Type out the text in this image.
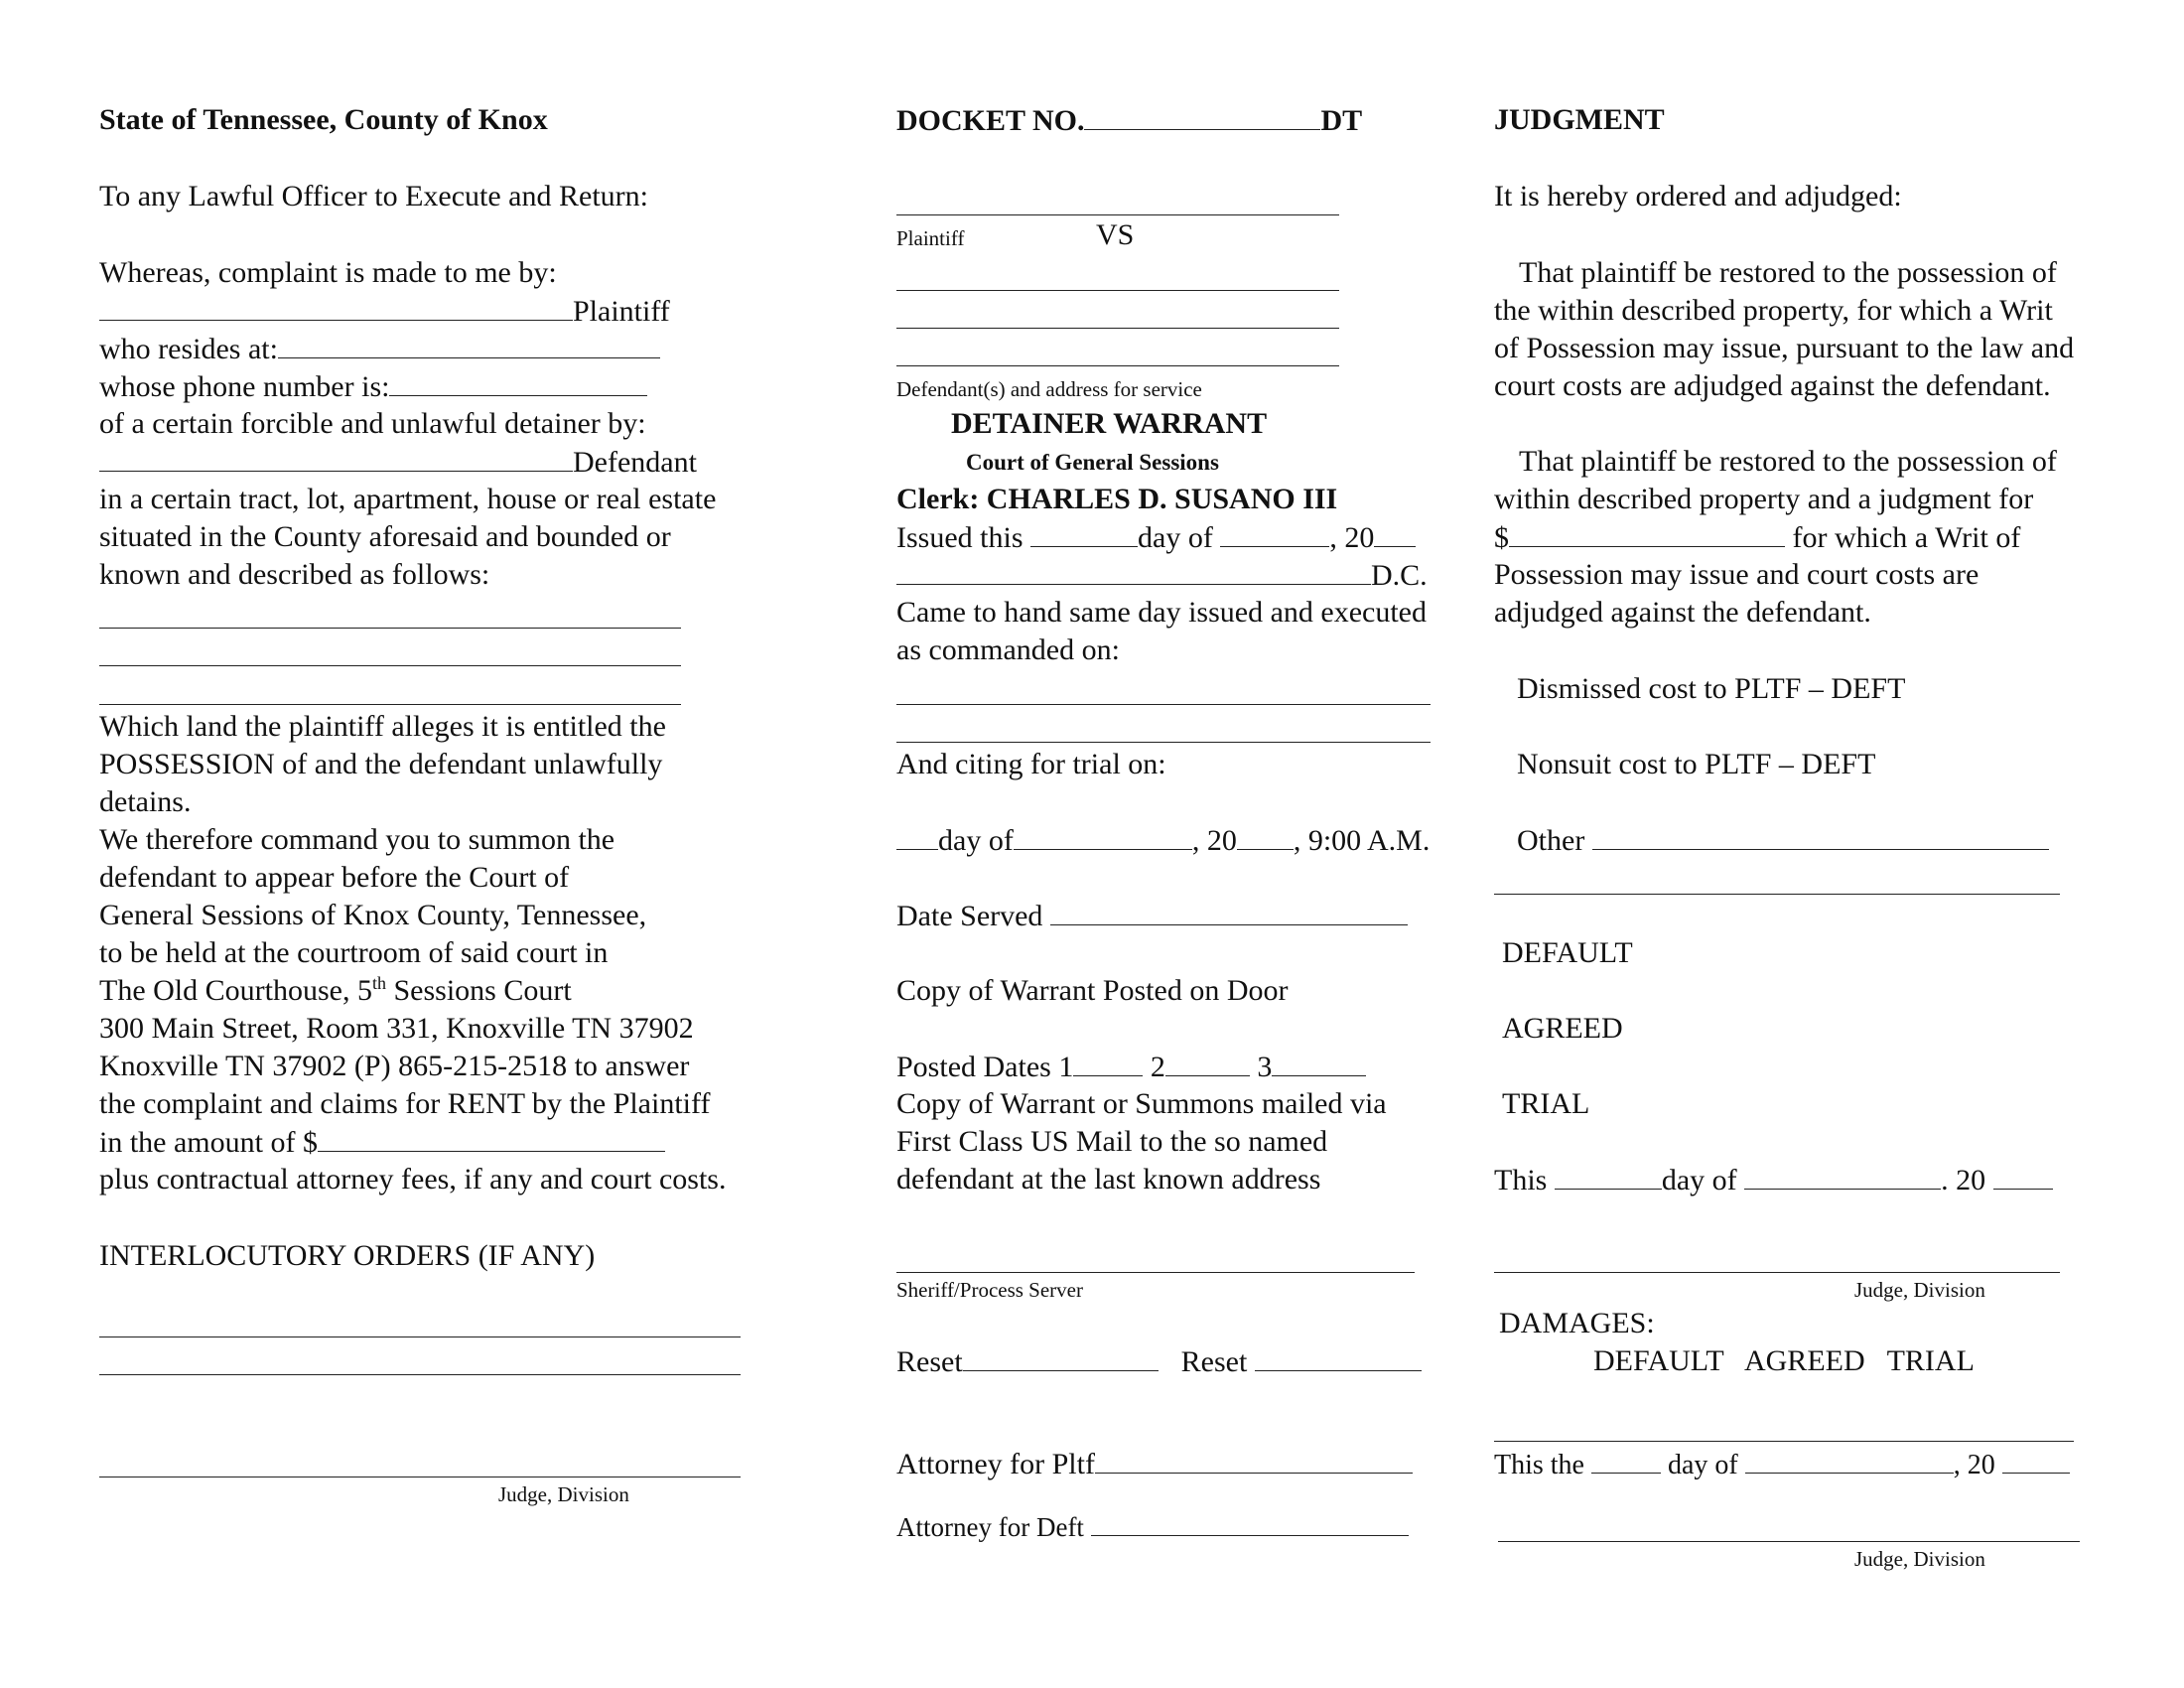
State of Tennessee, County of Knox
To any Lawful Officer to Execute and Return:
Whereas, complaint is made to me by:
Plaintiff
who resides at:
whose phone number is:
of a certain forcible and unlawful detainer by:
Defendant
in a certain tract, lot, apartment, house or real estate
situated in the County aforesaid and bounded or
known and described as follows:
Which land the plaintiff alleges it is entitled the
POSSESSION of and the defendant unlawfully
detains.
We therefore command you to summon the
defendant to appear before the Court of
General Sessions of Knox County, Tennessee,
to be held at the courtroom of said court in
The Old Courthouse, 5th Sessions Court
300 Main Street, Room 331, Knoxville TN 37902
Knoxville TN 37902 (P) 865-215-2518 to answer
the complaint and claims for RENT by the Plaintiff
in the amount of $
plus contractual attorney fees, if any and court costs.
INTERLOCUTORY ORDERS (IF ANY)
Judge, Division
DOCKET NO.	DT
Plaintiff	VS
Defendant(s) and address for service
DETAINER WARRANT
Court of General Sessions
Clerk: CHARLES D. SUSANO III
Issued this	day of	, 20
D.C.
Came to hand same day issued and executed
as commanded on:
And citing for trial on:
day of	, 20 , 9:00 A.M.
Date Served
Copy of Warrant Posted on Door
Posted Dates 1	2	3
Copy of Warrant or Summons mailed via
First Class US Mail to the so named
defendant at the last known address
Sheriff/Process Server
Reset	Reset
Attorney for Pltf
Attorney for Deft
JUDGMENT
It is hereby ordered and adjudged:
That plaintiff be restored to the possession of
the within described property, for which a Writ
of Possession may issue, pursuant to the law and
court costs are adjudged against the defendant.
That plaintiff be restored to the possession of
within described property and a judgment for
$	for which a Writ of
Possession may issue and court costs are
adjudged against the defendant.
Dismissed cost to PLTF – DEFT
Nonsuit cost to PLTF – DEFT
Other
DEFAULT
AGREED
TRIAL
This	day of	. 20
Judge, Division
DAMAGES:
DEFAULT   AGREED   TRIAL
This the	day of	, 20
Judge, Division
